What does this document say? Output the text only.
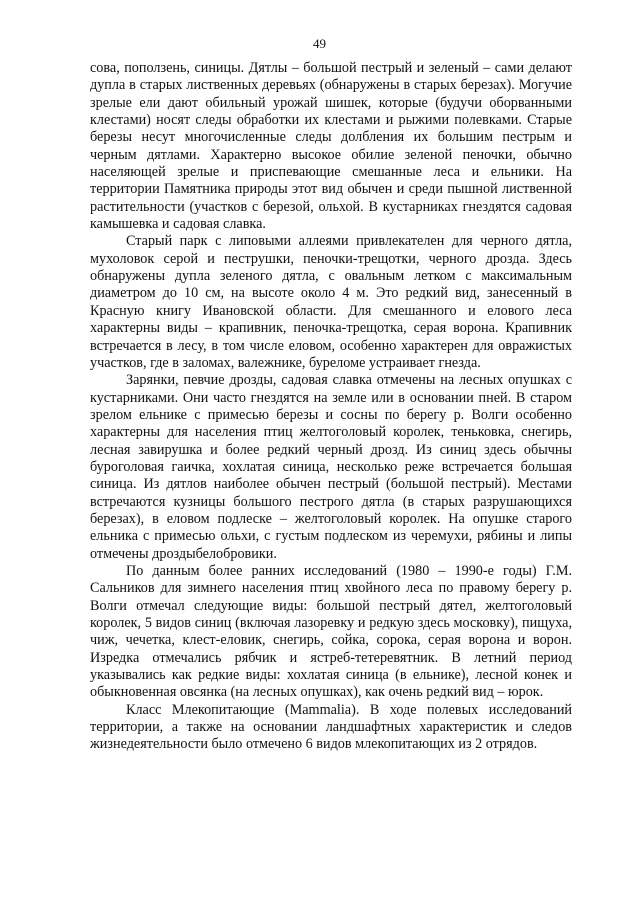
49

сова, поползень, синицы. Дятлы – большой пестрый и зеленый – сами делают дупла в старых лиственных деревьях (обнаружены в старых березах). Могучие зрелые ели дают обильный урожай шишек, которые (будучи оборванными клестами) носят следы обработки их клестами и рыжими полевками. Старые березы несут многочисленные следы долбления их большим пестрым и черным дятлами. Характерно высокое обилие зеленой пеночки, обычно населяющей зрелые и приспевающие смешанные леса и ельники. На территории Памятника природы этот вид обычен и среди пышной лиственной растительности (участков с березой, ольхой. В кустарниках гнездятся садовая камышевка и садовая славка.

Старый парк с липовыми аллеями привлекателен для черного дятла, мухоловок серой и пеструшки, пеночки-трещотки, черного дрозда. Здесь обнаружены дупла зеленого дятла, с овальным летком с максимальным диаметром до 10 см, на высоте около 4 м. Это редкий вид, занесенный в Красную книгу Ивановской области. Для смешанного и елового леса характерны виды – крапивник, пеночка-трещотка, серая ворона. Крапивник встречается в лесу, в том числе еловом, особенно характерен для овражистых участков, где в заломах, валежнике, буреломе устраивает гнезда.

Зарянки, певчие дрозды, садовая славка отмечены на лесных опушках с кустарниками. Они часто гнездятся на земле или в основании пней. В старом зрелом ельнике с примесью березы и сосны по берегу р. Волги особенно характерны для населения птиц желтоголовый королек, теньковка, снегирь, лесная завирушка и более редкий черный дрозд. Из синиц здесь обычны буроголовая гаичка, хохлатая синица, несколько реже встречается большая синица. Из дятлов наиболее обычен пестрый (большой пестрый). Местами встречаются кузницы большого пестрого дятла (в старых разрушающихся березах), в еловом подлеске – желтоголовый королек. На опушке старого ельника с примесью ольхи, с густым подлеском из черемухи, рябины и липы отмечены дроздыбелобровики.

По данным более ранних исследований (1980 – 1990-е годы) Г.М. Сальников для зимнего населения птиц хвойного леса по правому берегу р. Волги отмечал следующие виды: большой пестрый дятел, желтоголовый королек, 5 видов синиц (включая лазоревку и редкую здесь московку), пищуха, чиж, чечетка, клест-еловик, снегирь, сойка, сорока, серая ворона и ворон. Изредка отмечались рябчик и ястреб-тетеревятник. В летний период указывались как редкие виды: хохлатая синица (в ельнике), лесной конек и обыкновенная овсянка (на лесных опушках), как очень редкий вид – юрок.

Класс Млекопитающие (Mammalia). В ходе полевых исследований территории, а также на основании ландшафтных характеристик и следов жизнедеятельности было отмечено 6 видов млекопитающих из 2 отрядов.
